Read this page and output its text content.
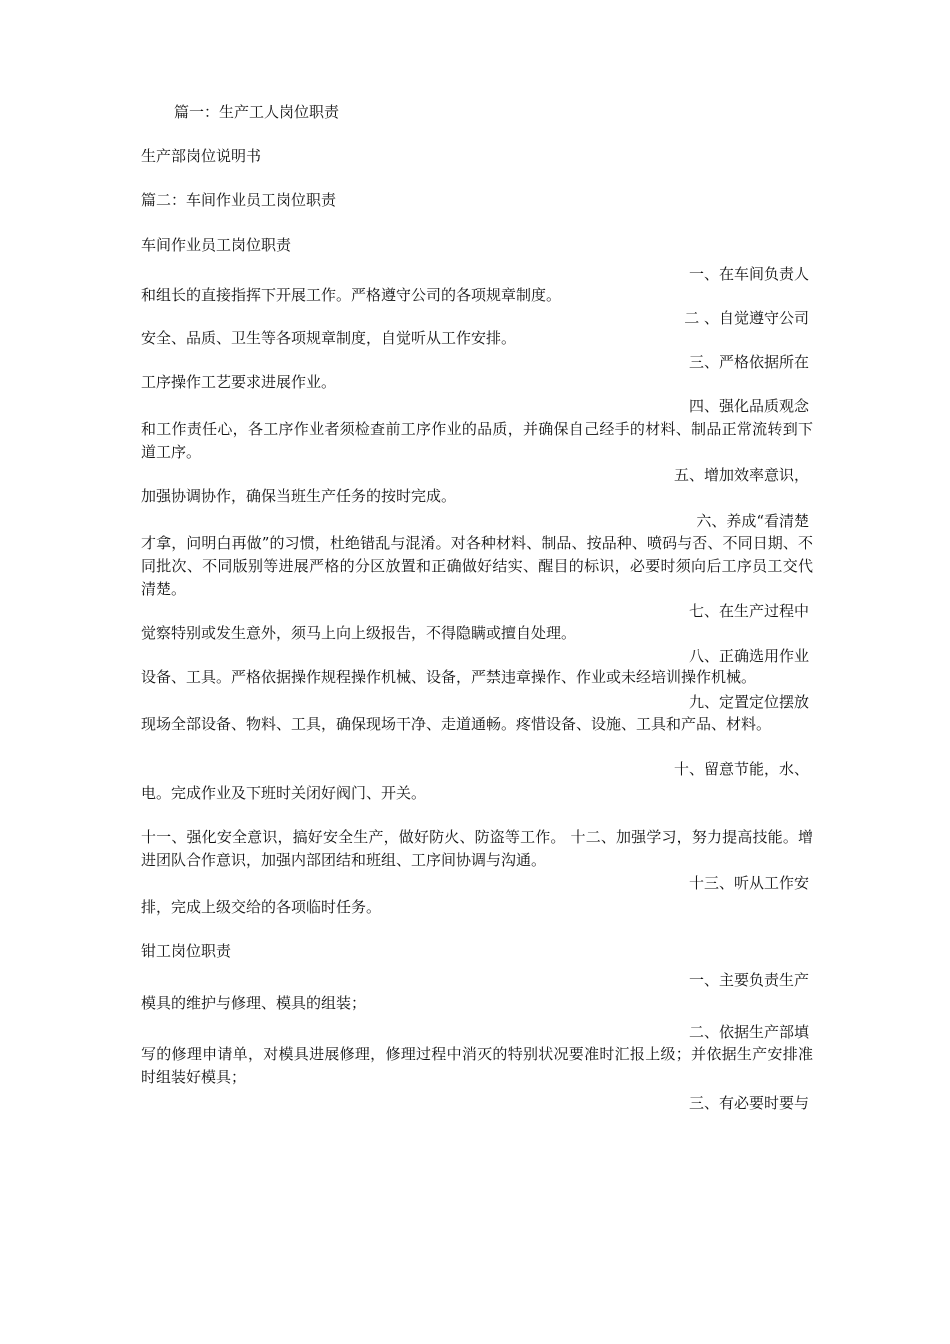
篇一：生产工人岗位职责
生产部岗位说明书
篇二：车间作业员工岗位职责
车间作业员工岗位职责
一、在车间负责人
和组长的直接指挥下开展工作。严格遵守公司的各项规章制度。
二 、自觉遵守公司
安全、品质、卫生等各项规章制度，自觉听从工作安排。
三、严格依据所在
工序操作工艺要求进展作业。
四、强化品质观念
和工作责任心，各工序作业者须检查前工序作业的品质，并确保自己经手的材料、制品正常流转到下道工序。
五、增加效率意识，
加强协调协作，确保当班生产任务的按时完成。
六、养成“看清楚
才拿，问明白再做”的习惯，杜绝错乱与混淆。对各种材料、制品、按品种、喷码与否、不同日期、不同批次、不同版别等进展严格的分区放置和正确做好结实、醒目的标识，必要时须向后工序员工交代清楚。
七、在生产过程中
觉察特别或发生意外，须马上向上级报告，不得隐瞒或擅自处理。
八、正确选用作业
设备、工具。严格依据操作规程操作机械、设备，严禁违章操作、作业或未经培训操作机械。
九、定置定位摆放
现场全部设备、物料、工具，确保现场干净、走道通畅。疼惜设备、设施、工具和产品、材料。
十、留意节能，水、
电。完成作业及下班时关闭好阀门、开关。
十一、强化安全意识，搞好安全生产，做好防火、防盗等工作。 十二、加强学习，努力提高技能。增进团队合作意识，加强内部团结和班组、工序间协调与沟通。
十三、听从工作安
排，完成上级交给的各项临时任务。
钳工岗位职责
一、主要负责生产
模具的维护与修理、模具的组装；
二、依据生产部填
写的修理申请单，对模具进展修理，修理过程中消灭的特别状况要准时汇报上级；并依据生产安排准时组装好模具；
三、有必要时要与
